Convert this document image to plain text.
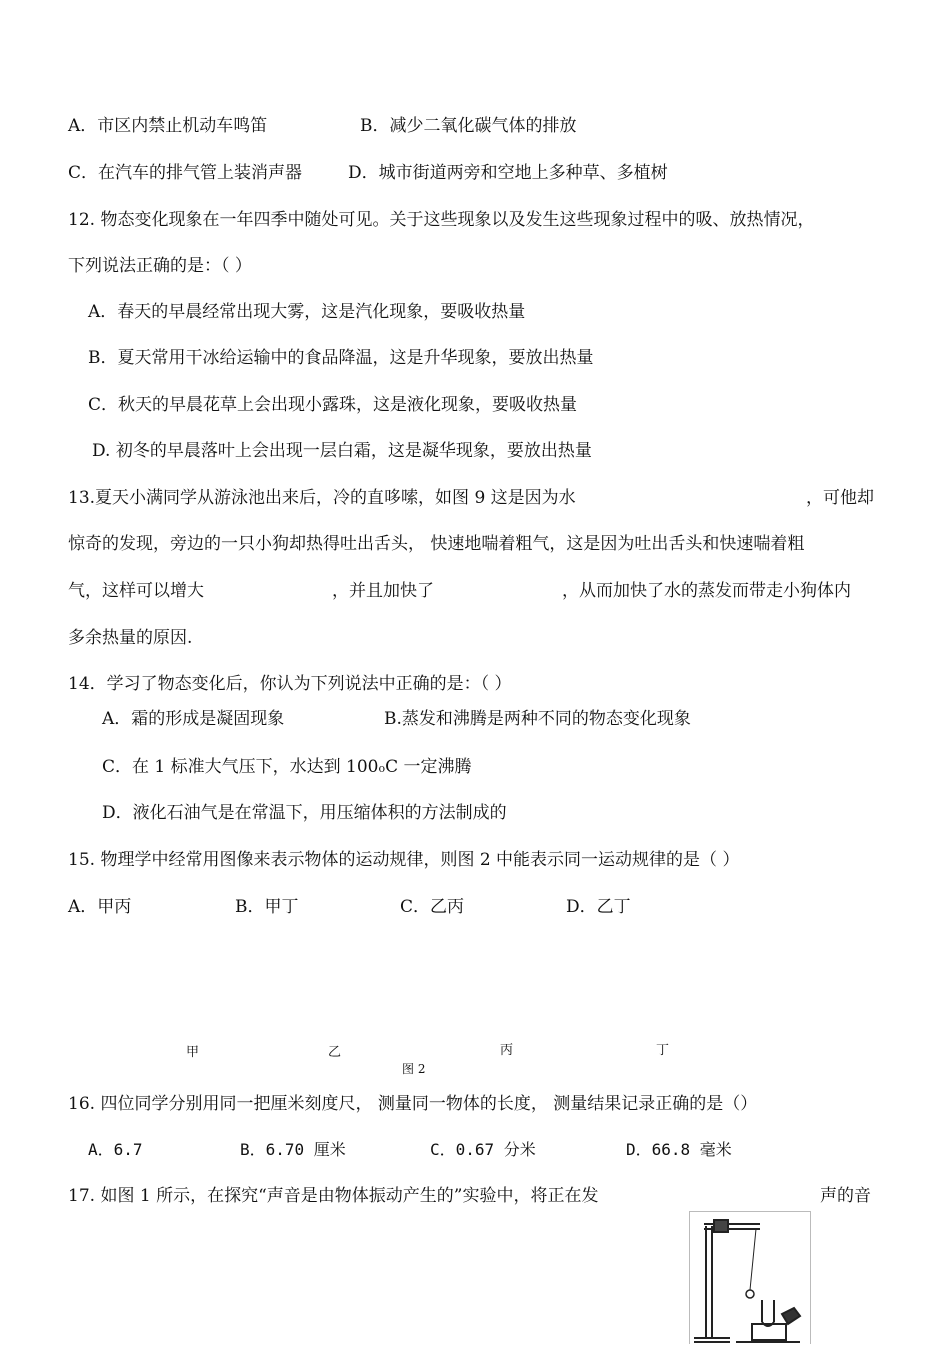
A．市区内禁止机动车鸣笛	B．减少二氧化碳气体的排放
C．在汽车的排气管上装消声器	D．城市街道两旁和空地上多种草、多植树
12. 物态变化现象在一年四季中随处可见。关于这些现象以及发生这些现象过程中的吸、放热情况，
下列说法正确的是：（ ）
A．春天的早晨经常出现大雾，这是汽化现象，要吸收热量
B．夏天常用干冰给运输中的食品降温，这是升华现象，要放出热量
C．秋天的早晨花草上会出现小露珠，这是液化现象，要吸收热量
D. 初冬的早晨落叶上会出现一层白霜，这是凝华现象，要放出热量
13.夏天小满同学从游泳池出来后，冷的直哆嗦，如图 9 这是因为水	，可他却
惊奇的发现，旁边的一只小狗却热得吐出舌头， 快速地喘着粗气，这是因为吐出舌头和快速喘着粗
气，这样可以增大	，并且加快了	，从而加快了水的蒸发而带走小狗体内
多余热量的原因.
14．学习了物态变化后，你认为下列说法中正确的是：（ ）
A．霜的形成是凝固现象	B.蒸发和沸腾是两种不同的物态变化现象
C．在 1 标准大气压下，水达到 100oC 一定沸腾
D．液化石油气是在常温下，用压缩体积的方法制成的
15. 物理学中经常用图像来表示物体的运动规律，则图 2 中能表示同一运动规律的是（ ）
A．甲丙	B．甲丁	C．乙丙	D．乙丁
甲	乙	丙	丁
图 2
16. 四位同学分别用同一把厘米刻度尺， 测量同一物体的长度， 测量结果记录正确的是（）
A．6.7	B．6.70 厘米	C．0.67 分米	D．66.8 毫米
17. 如图 1 所示，在探究“声音是由物体振动产生的”实验中，将正在发	声的音
